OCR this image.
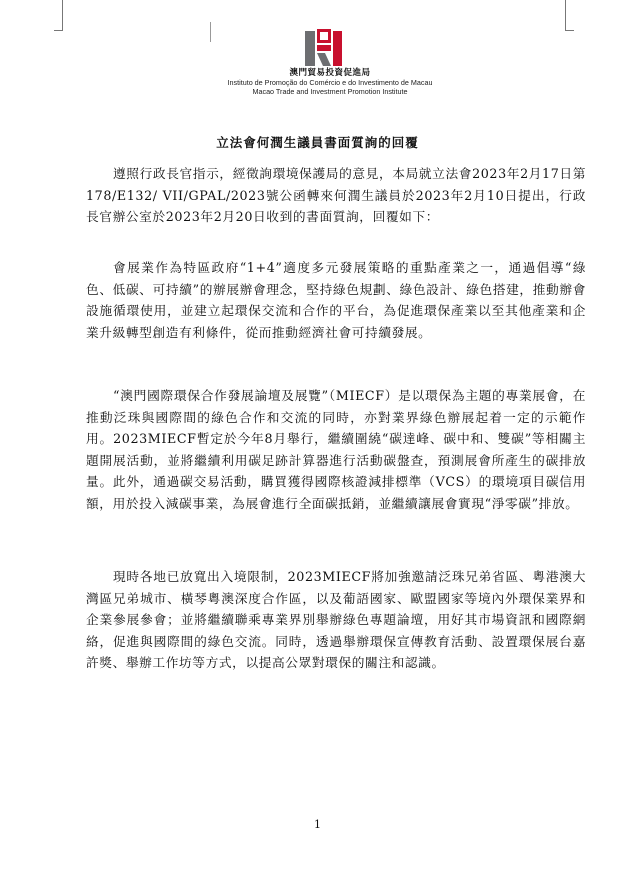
澳門貿易投資促進局
Instituto de Promoção do Comércio e do Investimento de Macau
Macao Trade and Investment Promotion Institute
立法會何潤生議員書面質詢的回覆

遵照行政長官指示，經徵詢環境保護局的意見，本局就立法會2023年2月17日第178/E132/ VII/GPAL/2023號公函轉來何潤生議員於2023年2月10日提出，行政長官辦公室於2023年2月20日收到的書面質詢，回覆如下：

會展業作為特區政府“1+4”適度多元發展策略的重點產業之一，通過倡導“綠色、低碳、可持續”的辦展辦會理念，堅持綠色規劃、綠色設計、綠色搭建，推動辦會設施循環使用，並建立起環保交流和合作的平台，為促進環保產業以至其他產業和企業升級轉型創造有利條件，從而推動經濟社會可持續發展。

“澳門國際環保合作發展論壇及展覽”（MIECF）是以環保為主題的專業展會，在推動泛珠與國際間的綠色合作和交流的同時，亦對業界綠色辦展起着一定的示範作用。2023MIECF暫定於今年8月舉行，繼續圍繞“碳達峰、碳中和、雙碳”等相關主題開展活動，並將繼續利用碳足跡計算器進行活動碳盤查，預測展會所產生的碳排放量。此外，通過碳交易活動，購買獲得國際核證減排標準（VCS）的環境項目碳信用額，用於投入減碳事業，為展會進行全面碳抵銷，並繼續讓展會實現“淨零碳”排放。

現時各地已放寬出入境限制，2023MIECF將加強邀請泛珠兄弟省區、粵港澳大灣區兄弟城市、橫琴粵澳深度合作區，以及葡語國家、歐盟國家等境內外環保業界和企業參展參會；並將繼續聯乘專業界別舉辦綠色專題論壇，用好其市場資訊和國際網絡，促進與國際間的綠色交流。同時，透過舉辦環保宣傳教育活動、設置環保展台嘉許獎、舉辦工作坊等方式，以提高公眾對環保的關注和認識。

1
